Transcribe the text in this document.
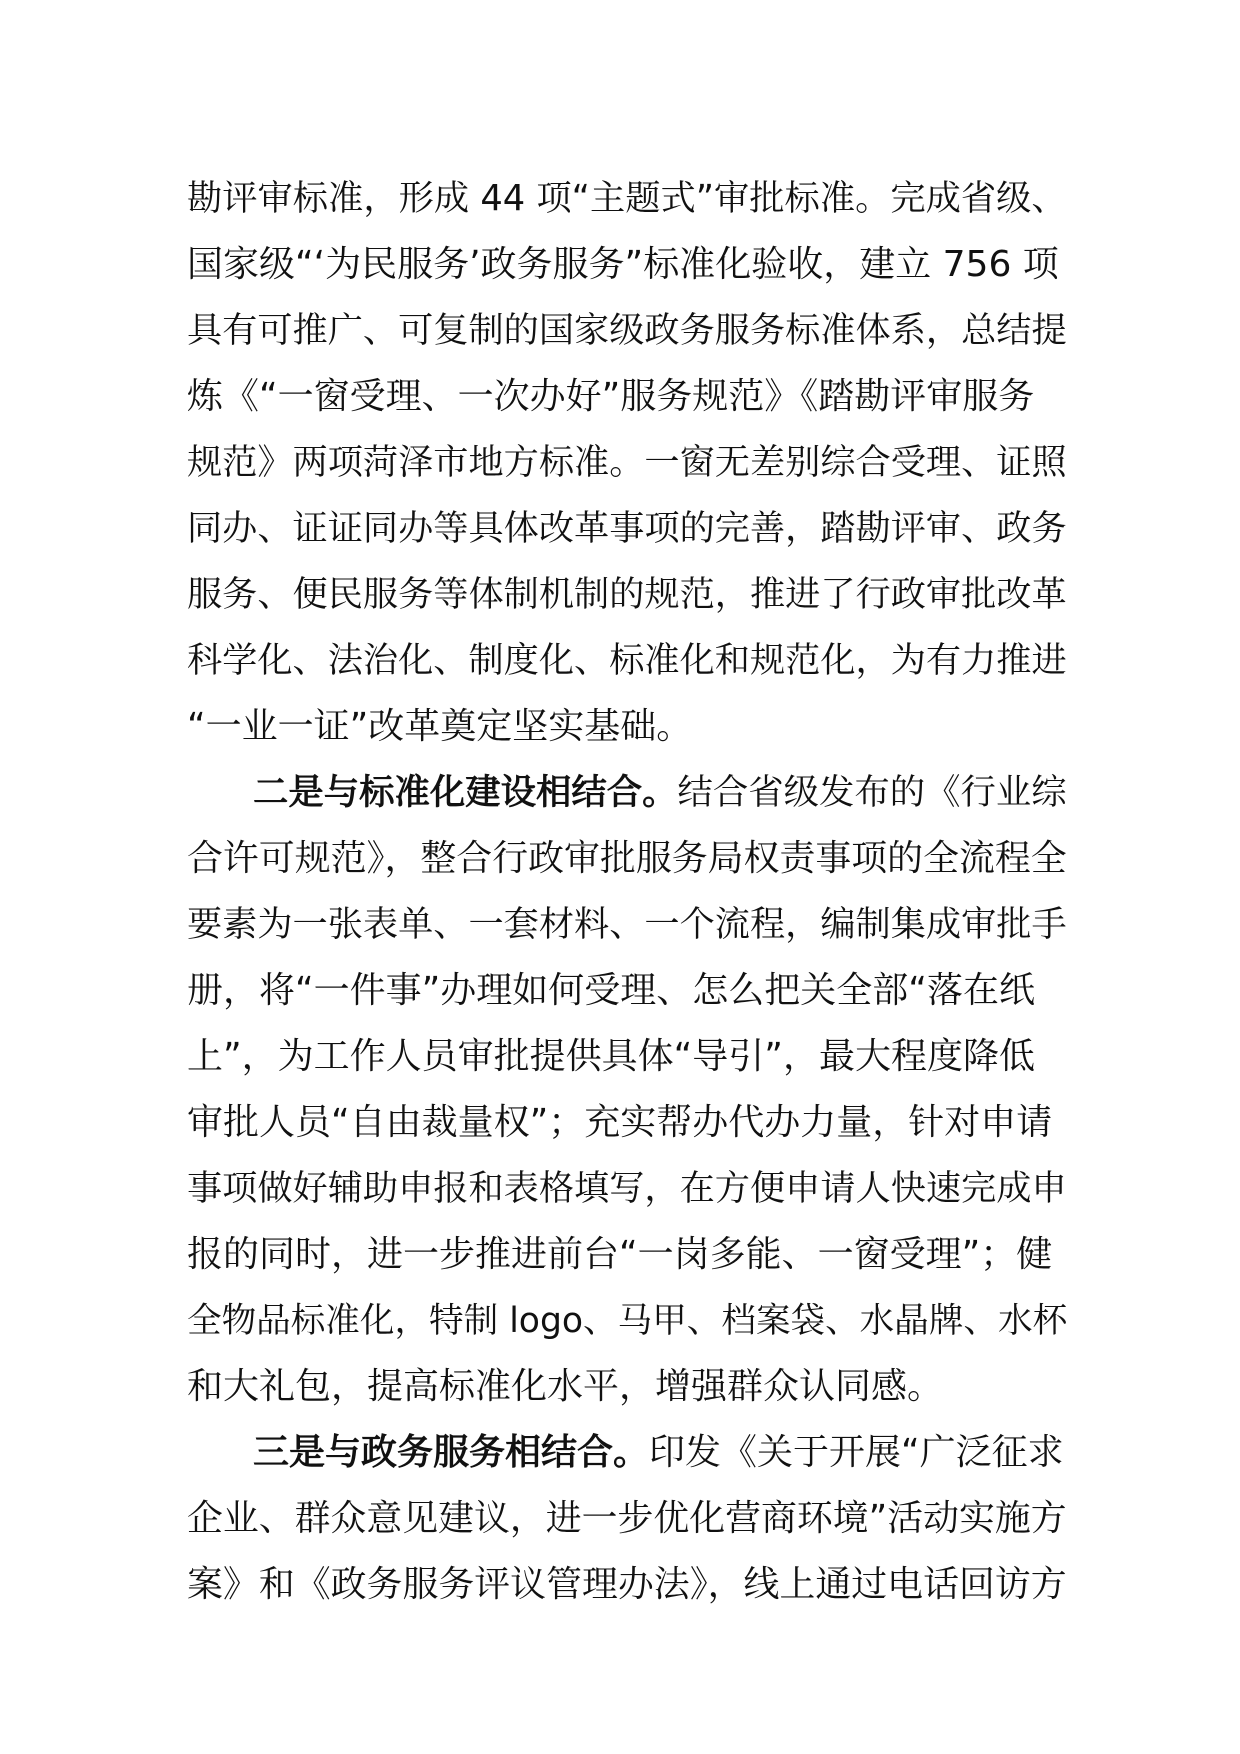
勘评审标准，形成 44 项“主题式”审批标准。完成省级、
国家级“‘为民服务’政务服务”标准化验收，建立 756 项
具有可推广、可复制的国家级政务服务标准体系，总结提
炼《“一窗受理、一次办好”服务规范》《踏勘评审服务
规范》两项菏泽市地方标准。一窗无差别综合受理、证照
同办、证证同办等具体改革事项的完善，踏勘评审、政务
服务、便民服务等体制机制的规范，推进了行政审批改革
科学化、法治化、制度化、标准化和规范化，为有力推进
“一业一证”改革奠定坚实基础。
二是与标准化建设相结合。结合省级发布的《行业综
合许可规范》，整合行政审批服务局权责事项的全流程全
要素为一张表单、一套材料、一个流程，编制集成审批手
册，将“一件事”办理如何受理、怎么把关全部“落在纸
上”，为工作人员审批提供具体“导引”，最大程度降低
审批人员“自由裁量权”；充实帮办代办力量，针对申请
事项做好辅助申报和表格填写，在方便申请人快速完成申
报的同时，进一步推进前台“一岗多能、一窗受理”；健
全物品标准化，特制 logo、马甲、档案袋、水晶牌、水杯
和大礼包，提高标准化水平，增强群众认同感。
三是与政务服务相结合。印发《关于开展“广泛征求
企业、群众意见建议，进一步优化营商环境”活动实施方
案》和《政务服务评议管理办法》，线上通过电话回访方
